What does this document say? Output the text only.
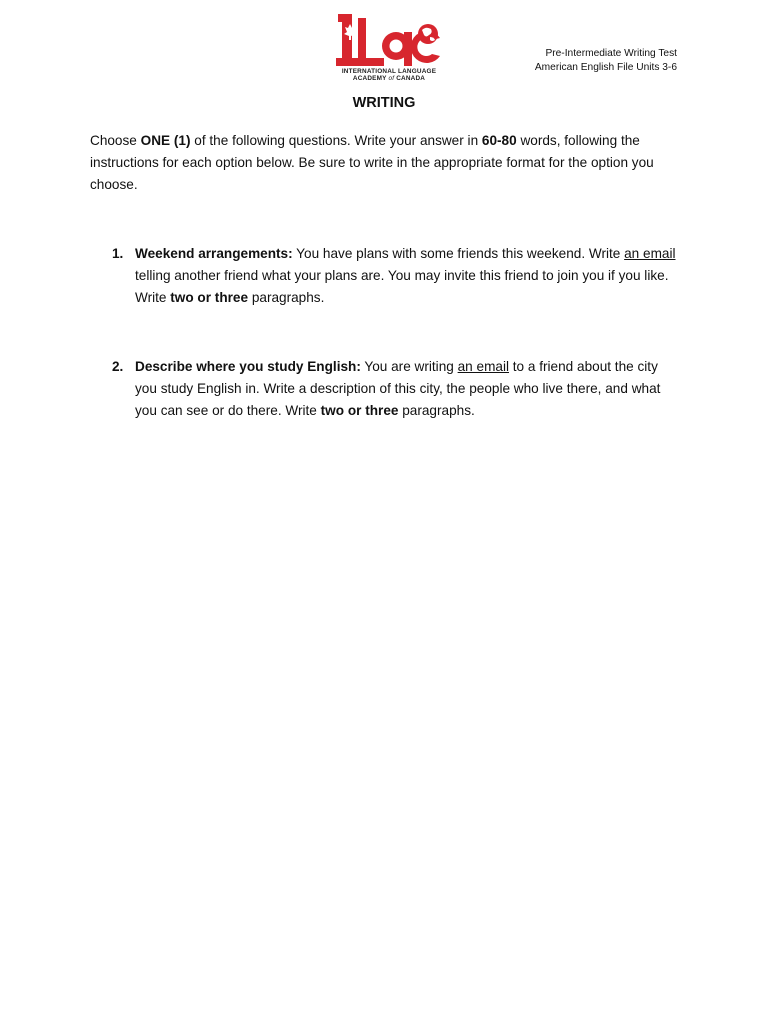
INTERNATIONAL LANGUAGE
ACADEMY of CANADA
Pre-Intermediate Writing Test
American English File Units 3-6
WRITING

Choose ONE (1) of the following questions. Write your answer in 60-80 words, following the instructions for each option below. Be sure to write in the appropriate format for the option you choose.

1. Weekend arrangements: You have plans with some friends this weekend. Write an email telling another friend what your plans are. You may invite this friend to join you if you like. Write two or three paragraphs.
2. Describe where you study English: You are writing an email to a friend about the city you study English in. Write a description of this city, the people who live there, and what you can see or do there. Write two or three paragraphs.
